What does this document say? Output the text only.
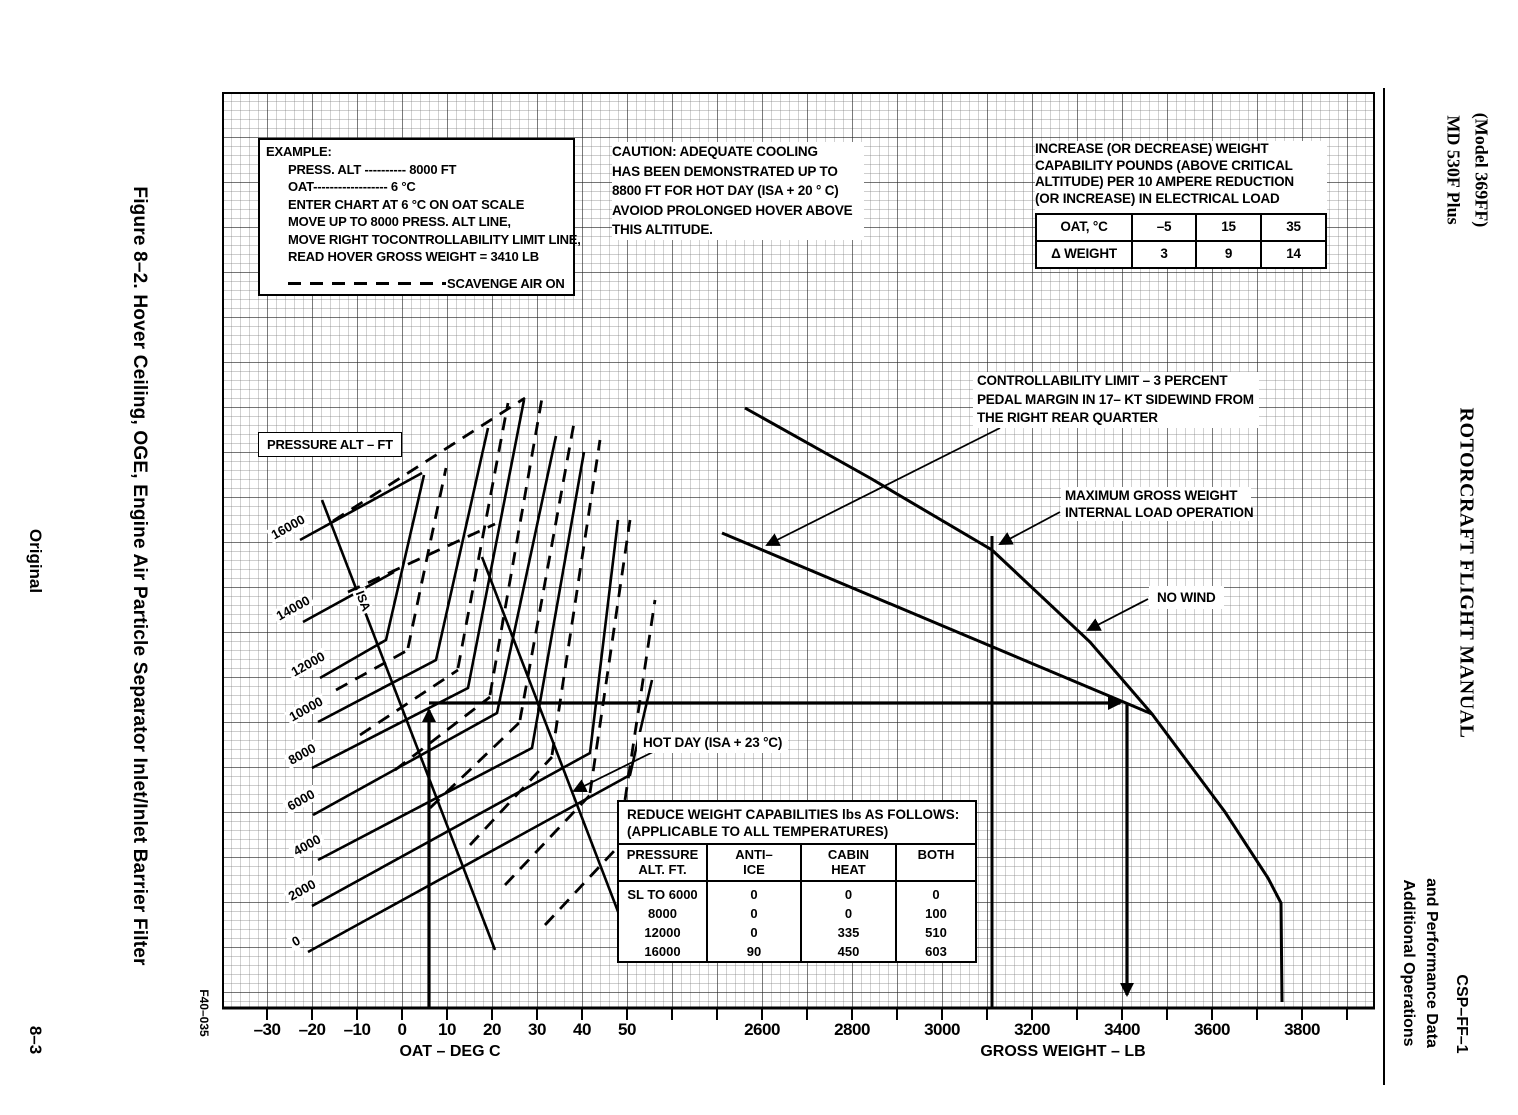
Figure 8–2. Hover Ceiling, OGE, Engine Air Particle Separator Inlet/Inlet Barrier Filter
Original
8–3
F40–035
MD 530F Plus (Model 369FF)
ROTORCRAFT FLIGHT MANUAL
CSP–FF–1
Additional Operations and Performance Data
EXAMPLE:
PRESS. ALT ---------- 8000 FT
OAT------------------ 6 °C
ENTER CHART AT 6 °C ON OAT SCALE
MOVE UP TO 8000 PRESS. ALT LINE,
MOVE RIGHT TOCONTROLLABILITY LIMIT LINE,
READ HOVER GROSS WEIGHT = 3410 LB
SCAVENGE AIR ON
CAUTION: ADEQUATE COOLING
HAS BEEN DEMONSTRATED UP TO
8800 FT FOR HOT DAY (ISA + 20 ° C)
AVOIOD PROLONGED HOVER ABOVE
THIS ALTITUDE.
INCREASE (OR DECREASE) WEIGHT
CAPABILITY POUNDS (ABOVE CRITICAL
ALTITUDE) PER 10 AMPERE REDUCTION
(OR INCREASE) IN ELECTRICAL LOAD
OAT, °C	–5	15	35
Δ WEIGHT	3	9	14
CONTROLLABILITY LIMIT – 3 PERCENT
PEDAL MARGIN IN 17– KT SIDEWIND FROM
THE RIGHT REAR QUARTER
MAXIMUM GROSS WEIGHT
INTERNAL LOAD OPERATION
NO WIND
HOT DAY (ISA + 23 °C)
PRESSURE ALT – FT
REDUCE WEIGHT CAPABILITIES lbs AS FOLLOWS:
(APPLICABLE TO ALL TEMPERATURES)
PRESSURE
ALT. FT.

ANTI–
ICE

CABIN
HEAT

BOTH

SL TO 6000	0	0	0
8000	0	0	100
12000	0	335	510
16000	90	450	603
16000
14000
12000
10000
8000
6000
4000
2000
0
ISA
–30 –20 –10 0 10 20 30 40 50
OAT – DEG C
2600	2800	3000	3200	3400	3600	3800
GROSS WEIGHT – LB
